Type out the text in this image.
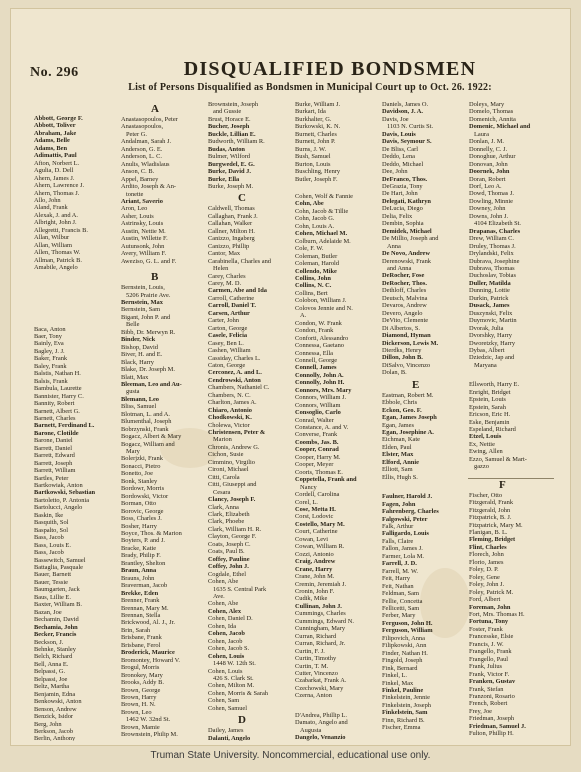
No. 296	DISQUALIFIED BONDSMEN
List of Persons Disqualified as Bondsmen in Municipal Court up to Oct. 26. 1922:
Abbott, George F.
Abbott, Toliver
Abraham, Jake
Adams, Belle
Adams, Ben
Adimattis, Paul
Afton, Norbert L.
Agulia, D. Dell
Ahern, James J.
Ahern, Lawrence J.
Ahern, Thomas J.
Allo, John
Aland, Frank
Alexak, J. and A.
Albright, John J.
Allegretti, Francis B.
Allan, Wilbur
Allan, William
Allen, Thomas W.
Allman, Patrick B.
Amabile, Angelo
Baca, Anton
Baer, Tony
Bainly, Eva
Bagley, J. J.
Baker, Frank
Baley, Frank
Balstis, Nathan H.
Balsis, Frank
Bambula, Laurette
Bannister, Harry C.
Bannity, Robert
Barnett, Albert G.
Barnett, Charles
Barnett, Ferdinand L.
Barone, Clotilde
Barone, Daniel
Barrett, Daniel
Barrett, Edward
Barrett, Joseph
Barrett, William
Bartles, Peter
Bartkowiak, Anton
Bartkowski, Sebastian
Bartoletto, P. Antonia
Bartolucci, Angelo
Baskin, Ike
Basquith, Sol
Baspalto, Sol
Bass, Jacob
Bass, Louis E.
Bass, Jacob
Bassewitch, Samuel
Battaglia, Pasquale
Bauer, Barnett
Bauer, Tessie
Baumgarten, Jack
Baus, Lillie E.
Baxter, William B.
Bazan, Joe
Bechamin, David
Bechamia, John
Becker, Francis
Beckson, J.
Behnke, Stanley
Belch, Richard
Bell, Anna E.
Belpassi, G.
Belpassi, Joe
Beltz, Martha
Benjamin, Edna
Benkowski, Anton
Benson, Andrew
Benzick, Isidor
Berg, John
Berkson, Jacob
Berlin, Anthony
A
Anastasopoulos, Peter
Anastasopoulos,
Peter G.
Andalman, Sarah J.
Anderson, G. E.
Anderson, L. C.
Anulis, Wladislaus
Anson, C. B.
Appel, Barney
Ardito, Joseph & An-
tonette
Ariant, Saverio
Aron, Leo
Asher, Louis
Astrinsky, Louis
Austin, Nettie M.
Austin, Willette F.
Autunsonk, John
Avery, William F.
Aweziso, G. L. and F.
B
Bernstein, Louis,
5206 Prairie Ave.
Bernstein, Max
Bernstein, Sam
Bigant, John P. and
Belle
Bibb, Dr. Merwyn R.
Binder, Nick
Bishop, David
Biver, H. and E.
Black, Harry
Blake, Dr. Joseph M.
Blatt, Max
Bleeman, Leo and Au-
gusta
Blemann, Leo
Bliss, Samuel
Blotman, L. and A.
Blumenthal, Joseph
Bobrzynski, Frank
Bogacz, Albert & Mary
Bogacz, William and
Mary
Bolerjzki, Frank
Bonacci, Pietro
Bonetto, Joe
Bonk, Stanley
Bordowr, Morris
Bordowski, Victor
Borman, Otto
Borovic, George
Boss, Charles J.
Bosher, Harry
Boyce, Thos. & Marion
Boyters, P. and J.
Bracke, Katie
Brady, Philip F.
Brantley, Shelton
Braun, Anna
Brauns, John
Braverman, Jacob
Brekke, Eden
Brenner, Frank
Brennan, Mary M.
Brennan, Stella
Brickwood, Al. J., Jr.
Brin, Sarah
Brisbane, Frank
Brisbane, Ferol
Broderick, Maurice
Bromontey, Howard V.
Brogul, Morris
Bronokey, Mary
Brooks, Addy B.
Brown, George
Brown, Harry
Brown, H. N.
Brown, Leo
1462 W. 32nd St.
Brown, Mamie
Brownstein, Philip M.
Brownstein, Joseph
and Gussie
Brust, Horace E.
Bucher, Joseph
Buckle, Lillian E.
Budworth, William R.
Budas, Anton
Bulmer, Wilford
Burgwedel, E. G.
Burke, David J.
Burke, Ella
Burke, Joseph M.
C
Caldwell, Thomas
Callaghan, Frank J.
Callahan, Walker
Callner, Milton H.
Canizzo, Ingaberg
Canizzo, Phillip
Cantor, Max
Carabinella, Charles and
Helen
Carey, Charles
Carey, M. D.
Carmen, Abe and Ida
Carroll, Catherine
Carroll, Daniel T.
Carsen, Arthur
Carter, John
Carton, George
Casele, Felicia
Casey, Ben L.
Cashen, William
Cassiday, Charles L.
Caton, George
Cerconez, A. and L.
Cendrowski, Anton
Chambers, Nathaniel C.
Chambers, N. C.
Charlton, James A.
Chiaro, Antonio
Chodkowski, K.
Cholewa, Victor
Christensen, Peter &
Marion
Chronis, Andrew G.
Cichon, Susie
Cimmino, Virgilio
Cironi, Michael
Citti, Carola
Citti, Giuseppi and
Cesara
Clancy, Joseph F.
Clark, Anna
Clark, Elizabeth
Clark, Phoebe
Clark, William H. R.
Clayton, George F.
Coats, Joseph C.
Coats, Paul B.
Coffey, Pauline
Coffey, John J.
Cogdale, Ethel
Cohen, Abe
1635 S. Central Park
Ave.
Cohen, Abe
Cohen, Alex
Cohen, Daniel D.
Cohen, Ida
Cohen, Jacob
Cohen, Jacob
Cohen, Jacob S.
Cohen, Louis
1448 W. 12th St.
Cohen, Louis
426 S. Clark St.
Cohen, Milton M.
Cohen, Morris & Sarah
Cohen, Sam
Cohen, Samuel
D
Dailey, James
Dalanti, Angelo
Burke, William J.
Burkart, Ida
Burkhalter, G.
Burkowski, K. N.
Burnett, Charles
Burnett, John P.
Burns, J. W.
Bush, Samuel
Burton, Louis
Buschling, Henry
Butler, Joseph F.
Cohen, Wolf & Fannie
Cohn, Abe
Cohn, Jacob & Tillie
Cohn, Jacob G.
Cohn, Louis A.
Cohen, Michael M.
Colburn, Adelaide M.
Cole, F. W.
Coleman, Butler
Coleman, Harold
Collendo, Mike
Collins, John
Collins, N. C.
Collins, Bert
Colobon, William J.
Colovos Jennie and N.
A.
Condon, W. Frank
Condon, Frank
Conforti, Alessandro
Connessa, Gaetano
Connessa, Ella
Connell, George
Connell, James
Connolly, John A.
Connolly, John H.
Connors, Mrs. Mary
Connors, William J.
Connors, William
Consoglio, Carlo
Conrad, Walter
Constance, A. and V.
Converse, Frank
Coombs, Jas. B.
Cooper, Conrad
Cooper, Harry M.
Cooper, Meyer
Cooris, Thomas E.
Coppetella, Frank and
Nancy
Cordell, Carolina
Corel, L.
Cose, Metta H.
Corst, Lodovic
Costello, Mary M.
Court, Catherine
Cowan, Levi
Cowan, William R.
Cozzi, Antonio
Craig, Andrew
Crane, Harry
Crane, John M.
Cremin, Jeremiah J.
Cronin, John F.
Cudik, Mike
Cullinan, John J.
Cummings, Charles
Cummings, Edward N.
Cunningham, Mary
Curran, Richard
Curran, Richard, Jr.
Curtin, F. J.
Curtin, Timothy
Curtin, T. M.
Cutter, Vincenzo
Czabarkat, Frank A.
Czechowski, Mary
Czerna, Anton
D'Andrea, Phillip L.
Damato, Angelo and
Augusta
Dangelo, Venanzio
Daniels, James O.
Davidson, J. A.
Davis, Joe
1103 N. Curtis St.
Davis, Louis
Davis, Seymour S.
De Bliss, Carl
Deddo, Lena
Deddo, Michael
Dee, John
DeFranco, Thos.
DeGrazia, Tony
De Hart, John
Delegati, Kathryn
DeLucia, Diego
Delia, Felix
Dembin, Sophia
Demidek, Michael
De Millio, Joseph and
Anna
De Novo, Andrew
Derenowski, Frank
and Anna
DeRocher, Fose
DeRocher, Thos.
Dethloff, Charles
Deutsch, Malvina
Devaros, Andrew
Devero, Angelo
DeVito, Clemente
Di Albertos, S.
Diamond, Hyman
Dickerson, Lewis M.
Dierdks, Henry
Dillon, John B.
DiSalvo, Vincenzo
Dolan, B.
E
Eastman, Robert M.
Ebbole, Chris
Eckon, Geo. F.
Egan, James Joseph
Egan, James
Egan, Josephine A.
Eichman, Kate
Elden, Paul
Elster, Max
Elford, Annie
Elliott, Sam
Ellis, Hugh S.
Faulner, Harold J.
Fagen, John
Fahrenberg, Charles
Falgowski, Peter
Falk, Arthur
Falligardo, Louis
Falls, Claire
Fallon, James J.
Farmer, Lola M.
Farrell, J. D.
Farrell, M. W.
Feit, Harry
Feit, Nathan
Feldman, Sam
Fellie, Concetta
Fellicetti, Sam
Ferber, Mary
Ferguson, John H.
Ferguson, William
Filipovich, Anna
Filipkowski, Ann
Finder, Nathan H.
Fingold, Joseph
Fink, Bernard
Finkel, L.
Finkel, Max
Finkel, Pauline
Finkelstein, Jennie
Finkelstein, Joseph
Finkelstein, Sam
Finn, Richard B.
Fischer, Emma
Doleys, Mary
Domelo, Thomas
Domenich, Annita
Domenic, Michael and
Laura
Donlan, J. M.
Donnelly, C. J.
Donoghue, Arthur
Donovan, John
Doornek, John
Doran, Robert
Dorf, Leo A.
Dowd, Thomas J.
Dowling, Minnie
Downey, John
Downs, John J.
4104 Elizabeth St.
Drapanas, Charles
Drew, William C.
Druley, Thomas J.
Drylandski, Felix
Dubrava, Josephine
Dubrava, Thomas
Duchoslav, Tobias
Duller, Matilda
Dunning, Lottie
Durkin, Patrick
Dusack, James
Duszynski, Felix
Duymovic, Martin
Dvorak, Julia
Dvorshky, Harry
Dworetzky, Harry
Dybas, Albert
Dziedzic, Jap and
Maryana
Ellsworth, Harry E.
Enright, Bridget
Epstein, Louis
Epstein, Sarah
Ericson, Eric H.
Eske, Benjamin
Espeland, Richard
Etzel, Louis
Ex, Nettie
Ewing, Allen
Ezzo, Samuel & Mart-
gazzo
F
Fischer, Otto
Fitzgerald, Frank
Fitzgerald, John
Fitzpatrick, B. J.
Fitzpatrick, Mary M.
Flanigan, B. L.
Fleming, Bridget
Flint, Charles
Florech, John
Florio, James
Foley, D. P.
Foley, Gene
Foley, John J.
Foley, Patrick M.
Ford, Albert
Foreman, John
Fort, Mrs. Thomas H.
Fortuna, Tony
Foster, Frank
Francesske, Elsie
Francis, J. W.
Frangello, Frank
Frangello, Paul
Frank, Julius
Frank, Victor F.
Franken, Gustav
Frank, Stefan
Franzoni, Rosario
French, Robert
Frey, Joe
Friedman, Joseph
Friedman, Samuel J.
Fulton, Phillip H.
Truman State University. Noncommercial, educational use only.
